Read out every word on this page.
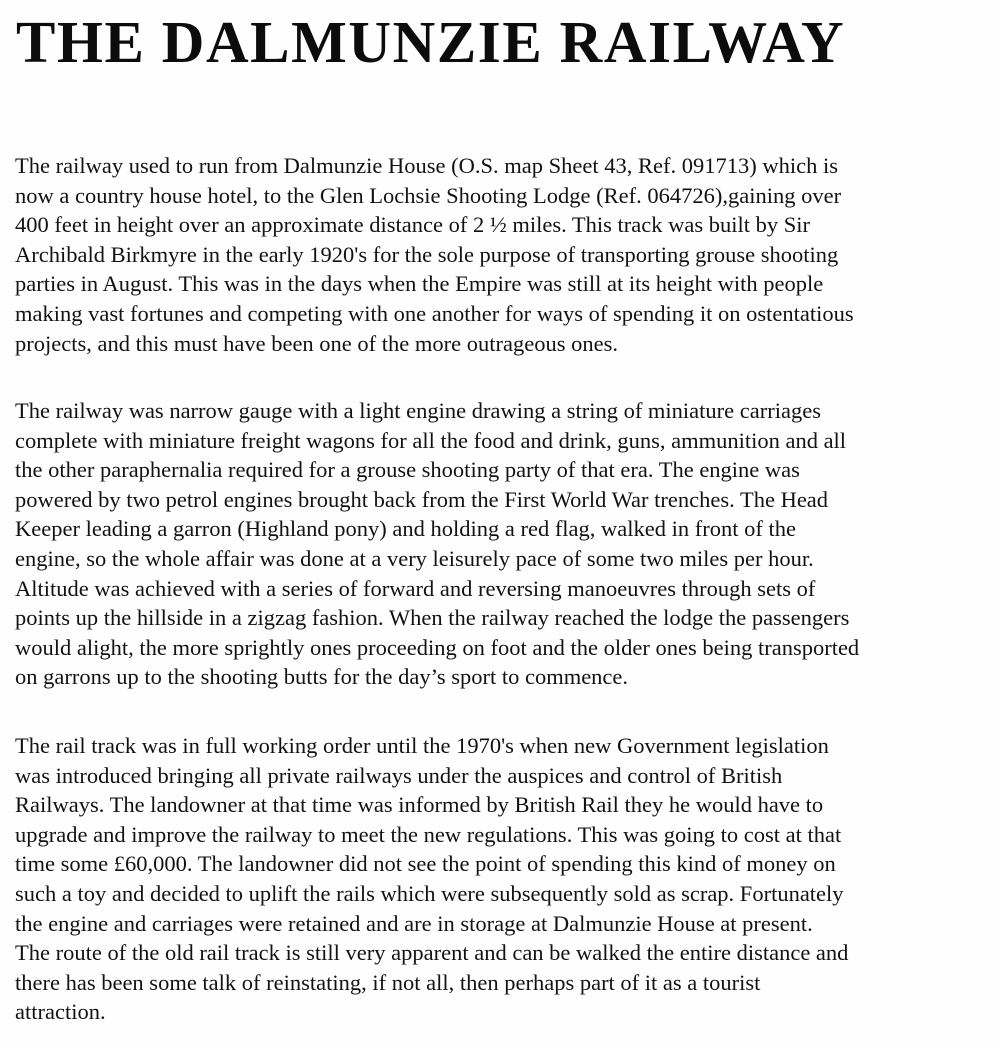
THE DALMUNZIE RAILWAY

The railway used to run from Dalmunzie House (O.S. map Sheet 43, Ref. 091713) which is
now a country house hotel, to the Glen Lochsie Shooting Lodge (Ref. 064726),gaining over
400 feet in height over an approximate distance of 2 ½ miles. This track was built by Sir
Archibald Birkmyre in the early 1920's for the sole purpose of transporting grouse shooting
parties in August. This was in the days when the Empire was still at its height with people
making vast fortunes and competing with one another for ways of spending it on ostentatious
projects, and this must have been one of the more outrageous ones.

The railway was narrow gauge with a light engine drawing a string of miniature carriages
complete with miniature freight wagons for all the food and drink, guns, ammunition and all
the other paraphernalia required for a grouse shooting party of that era. The engine was
powered by two petrol engines brought back from the First World War trenches. The Head
Keeper leading a garron (Highland pony) and holding a red flag, walked in front of the
engine, so the whole affair was done at a very leisurely pace of some two miles per hour.
Altitude was achieved with a series of forward and reversing manoeuvres through sets of
points up the hillside in a zigzag fashion. When the railway reached the lodge the passengers
would alight, the more sprightly ones proceeding on foot and the older ones being transported
on garrons up to the shooting butts for the day’s sport to commence.

The rail track was in full working order until the 1970's when new Government legislation
was introduced bringing all private railways under the auspices and control of British
Railways. The landowner at that time was informed by British Rail they he would have to
upgrade and improve the railway to meet the new regulations. This was going to cost at that
time some £60,000. The landowner did not see the point of spending this kind of money on
such a toy and decided to uplift the rails which were subsequently sold as scrap. Fortunately
the engine and carriages were retained and are in storage at Dalmunzie House at present.
The route of the old rail track is still very apparent and can be walked the entire distance and
there has been some talk of reinstating, if not all, then perhaps part of it as a tourist
attraction.
